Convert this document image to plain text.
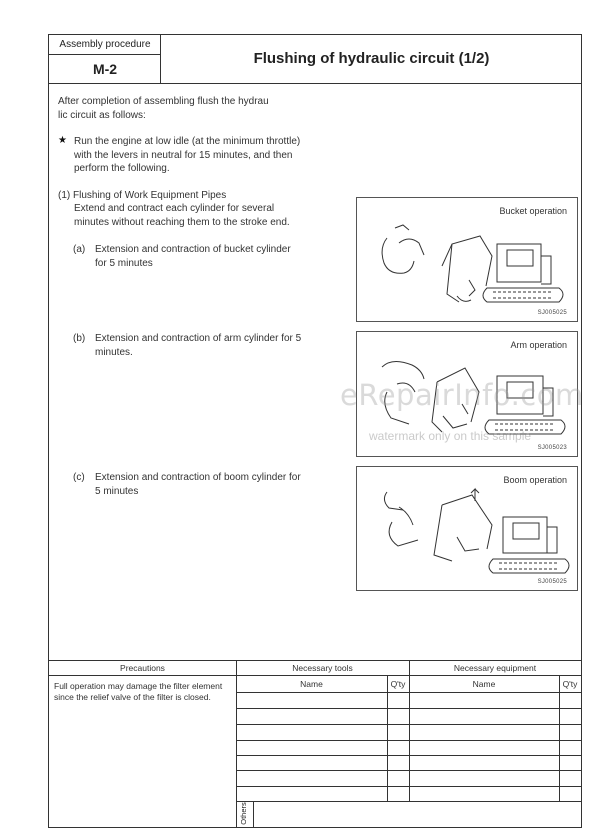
Assembly procedure
M-2
Flushing of hydraulic circuit (1/2)
After completion of assembling flush the hydrau
lic circuit as follows:
★ Run the engine at low idle (at the minimum throttle)
with the levers in neutral for 15 minutes, and then
perform the following.
(1) Flushing of Work Equipment Pipes
Extend and contract each cylinder for several
minutes without reaching them to the stroke end.
(a) Extension and contraction of bucket cylinder
for 5 minutes
(b) Extension and contraction of arm cylinder for 5
minutes.
(c) Extension and contraction of boom cylinder for
5 minutes
Bucket operation
SJ005025
Arm operation
SJ005023
Boom operation
SJ005025
Precautions	Necessary tools	Necessary equipment
Name	Q'ty	Name	Q'ty
Full operation may damage the filter element
since the relief valve of the filter is closed.
Others
eRepairInfo.com
watermark only on this sample
